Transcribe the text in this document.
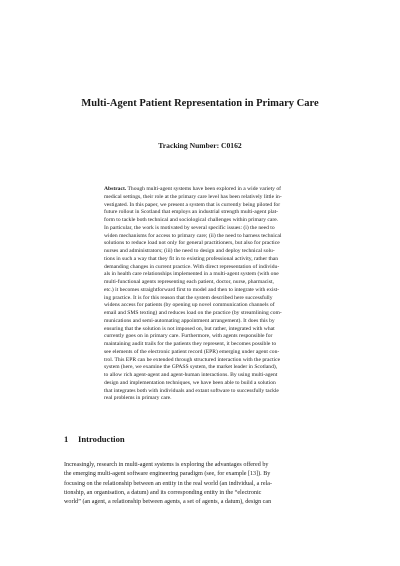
Multi-Agent Patient Representation in Primary Care
Tracking Number: C0162
Abstract. Though multi-agent systems have been explored in a wide variety of
medical settings, their role at the primary care level has been relatively little in-
vestigated. In this paper, we present a system that is currently being piloted for
future rollout in Scotland that employs an industrial strength multi-agent plat-
form to tackle both technical and sociological challenges within primary care.
In particular, the work is motivated by several specific issues: (i) the need to
widen mechanisms for access to primary care; (ii) the need to harness technical
solutions to reduce load not only for general practitioners, but also for practice
nurses and administrators; (iii) the need to design and deploy technical solu-
tions in such a way that they fit in to existing professional activity, rather than
demanding changes in current practice. With direct representation of individu-
als in health care relationships implemented in a multi-agent system (with one
multi-functional agents representing each patient, doctor, nurse, pharmacist,
etc.) it becomes straightforward first to model and then to integrate with exist-
ing practice. It is for this reason that the system described here successfully
widens access for patients (by opening up novel communication channels of
email and SMS texting) and reduces load on the practice (by streamlining com-
munications and semi-automating appointment arrangement). It does this by
ensuring that the solution is not imposed on, but rather, integrated with what
currently goes on in primary care. Furthermore, with agents responsible for
maintaining audit trails for the patients they represent, it becomes possible to
see elements of the electronic patient record (EPR) emerging under agent con-
trol. This EPR can be extended through structured interaction with the practice
system (here, we examine the GPASS system, the market leader in Scotland),
to allow rich agent-agent and agent-human interactions. By using multi-agent
design and implementation techniques, we have been able to build a solution
that integrates both with individuals and extant software to successfully tackle
real problems in primary care.
1 Introduction
Increasingly, research in multi-agent systems is exploring the advantages offered by
the emerging multi-agent software engineering paradigm (see, for example [13]). By
focusing on the relationship between an entity in the real world (an individual, a rela-
tionship, an organisation, a datum) and its corresponding entity in the “electronic
world” (an agent, a relationship between agents, a set of agents, a datum), design can
